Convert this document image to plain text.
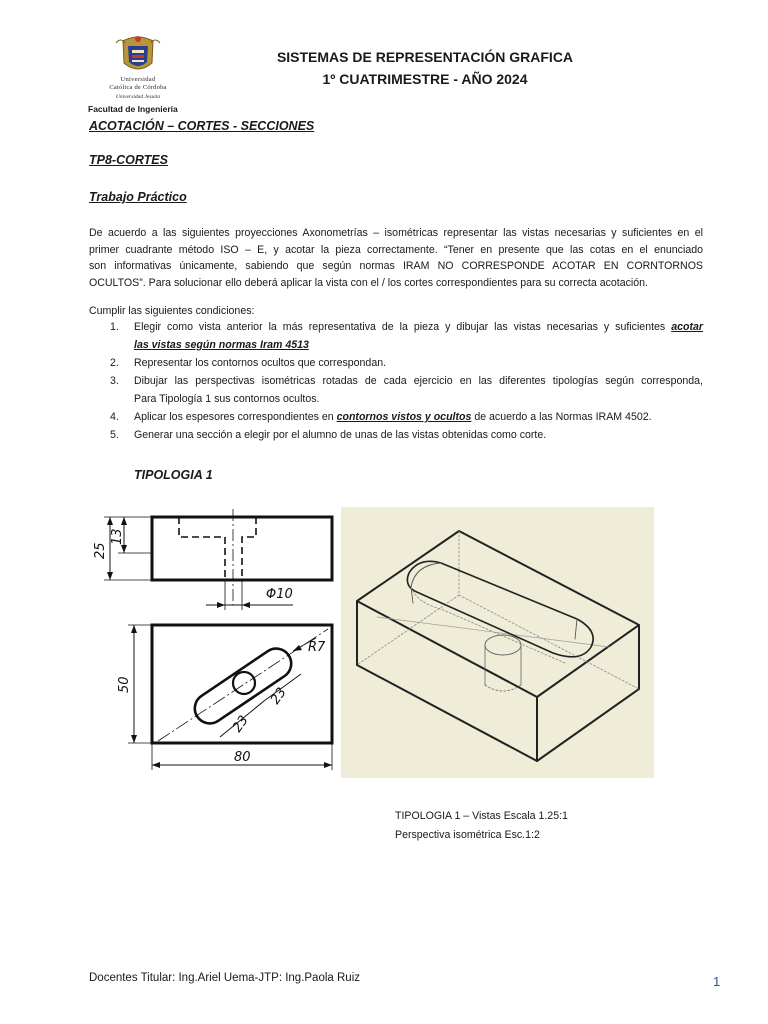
Universidad
Católica de Córdoba
Universidad Jesuita
Facultad de Ingeniería
SISTEMAS DE REPRESENTACIÓN GRAFICA
1º CUATRIMESTRE - AÑO 2024
ACOTACIÓN – CORTES - SECCIONES
TP8-CORTES
Trabajo Práctico
De acuerdo a las siguientes proyecciones Axonometrías – isométricas representar las vistas necesarias y suficientes en el
primer cuadrante método ISO – E, y acotar la pieza correctamente. “Tener en presente que las cotas en el enunciado
son informativas únicamente, sabiendo que según normas IRAM NO CORRESPONDE ACOTAR EN CORNTORNOS
OCULTOS”. Para solucionar ello deberá aplicar la vista con el / los cortes correspondientes para su correcta acotación.
Cumplir las siguientes condiciones:
1. Elegir como vista anterior la más representativa de la pieza y dibujar las vistas necesarias y suficientes acotar
las vistas según normas Iram 4513
2. Representar los contornos ocultos que correspondan.
3. Dibujar las perspectivas isométricas rotadas de cada ejercicio en las diferentes tipologías según corresponda,
Para Tipología 1 sus contornos ocultos.
4. Aplicar los espesores correspondientes en contornos vistos y ocultos de acuerdo a las Normas IRAM 4502.
5. Generar una sección a elegir por el alumno de unas de las vistas obtenidas como corte.
TIPOLOGIA 1
25
13
Φ10
R7
23
23
50
80
TIPOLOGIA 1 – Vistas Escala 1.25:1
Perspectiva isométrica Esc.1:2
Docentes Titular: Ing.Ariel Uema-JTP: Ing.Paola Ruiz	1
